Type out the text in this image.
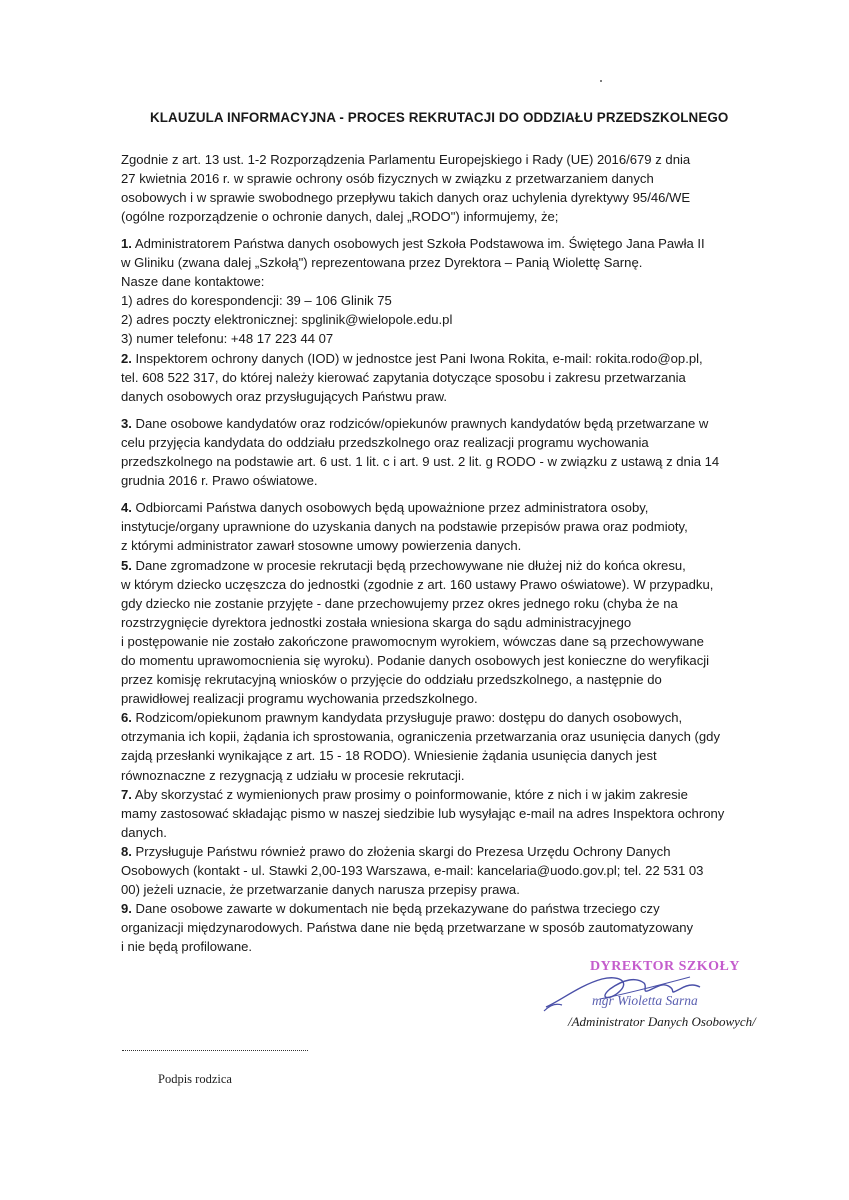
KLAUZULA INFORMACYJNA - PROCES REKRUTACJI DO ODDZIAŁU PRZEDSZKOLNEGO
Zgodnie z art. 13 ust. 1-2 Rozporządzenia Parlamentu Europejskiego i Rady (UE) 2016/679 z dnia
27 kwietnia 2016 r. w sprawie ochrony osób fizycznych w związku z przetwarzaniem danych
osobowych i w sprawie swobodnego przepływu takich danych oraz uchylenia dyrektywy 95/46/WE
(ogólne rozporządzenie o ochronie danych, dalej „RODO") informujemy, że;
1. Administratorem Państwa danych osobowych jest Szkoła Podstawowa im. Świętego Jana Pawła II
w Gliniku (zwana dalej „Szkołą") reprezentowana przez Dyrektora – Panią Wiolettę Sarnę.
Nasze dane kontaktowe:
1) adres do korespondencji: 39 – 106 Glinik 75
2) adres poczty elektronicznej: spglinik@wielopole.edu.pl
3) numer telefonu: +48 17 223 44 07
2. Inspektorem ochrony danych (IOD) w jednostce jest Pani Iwona Rokita, e-mail: rokita.rodo@op.pl,
tel. 608 522 317, do której należy kierować zapytania dotyczące sposobu i zakresu przetwarzania
danych osobowych oraz przysługujących Państwu praw.
3. Dane osobowe kandydatów oraz rodziców/opiekunów prawnych kandydatów będą przetwarzane w
celu przyjęcia kandydata do oddziału przedszkolnego oraz realizacji programu wychowania
przedszkolnego na podstawie art. 6 ust. 1 lit. c i art. 9 ust. 2 lit. g RODO - w związku z ustawą z dnia 14
grudnia 2016 r. Prawo oświatowe.
4. Odbiorcami Państwa danych osobowych będą upoważnione przez administratora osoby,
instytucje/organy uprawnione do uzyskania danych na podstawie przepisów prawa oraz podmioty,
z którymi administrator zawarł stosowne umowy powierzenia danych.
5. Dane zgromadzone w procesie rekrutacji będą przechowywane nie dłużej niż do końca okresu,
w którym dziecko uczęszcza do jednostki (zgodnie z art. 160 ustawy Prawo oświatowe). W przypadku,
gdy dziecko nie zostanie przyjęte - dane przechowujemy przez okres jednego roku (chyba że na
rozstrzygnięcie dyrektora jednostki została wniesiona skarga do sądu administracyjnego
i postępowanie nie zostało zakończone prawomocnym wyrokiem, wówczas dane są przechowywane
do momentu uprawomocnienia się wyroku). Podanie danych osobowych jest konieczne do weryfikacji
przez komisję rekrutacyjną wniosków o przyjęcie do oddziału przedszkolnego, a następnie do
prawidłowej realizacji programu wychowania przedszkolnego.
6. Rodzicom/opiekunom prawnym kandydata przysługuje prawo: dostępu do danych osobowych,
otrzymania ich kopii, żądania ich sprostowania, ograniczenia przetwarzania oraz usunięcia danych (gdy
zajdą przesłanki wynikające z art. 15 - 18 RODO). Wniesienie żądania usunięcia danych jest
równoznaczne z rezygnacją z udziału w procesie rekrutacji.
7. Aby skorzystać z wymienionych praw prosimy o poinformowanie, które z nich i w jakim zakresie
mamy zastosować składając pismo w naszej siedzibie lub wysyłając e-mail na adres Inspektora ochrony
danych.
8. Przysługuje Państwu również prawo do złożenia skargi do Prezesa Urzędu Ochrony Danych
Osobowych (kontakt - ul. Stawki 2,00-193 Warszawa, e-mail: kancelaria@uodo.gov.pl; tel. 22 531 03
00) jeżeli uznacie, że przetwarzanie danych narusza przepisy prawa.
9. Dane osobowe zawarte w dokumentach nie będą przekazywane do państwa trzeciego czy
organizacji międzynarodowych. Państwa dane nie będą przetwarzane w sposób zautomatyzowany
i nie będą profilowane.
DYREKTOR SZKOŁY
mgr Wioletta Sarna
/Administrator Danych Osobowych/
Podpis rodzica
